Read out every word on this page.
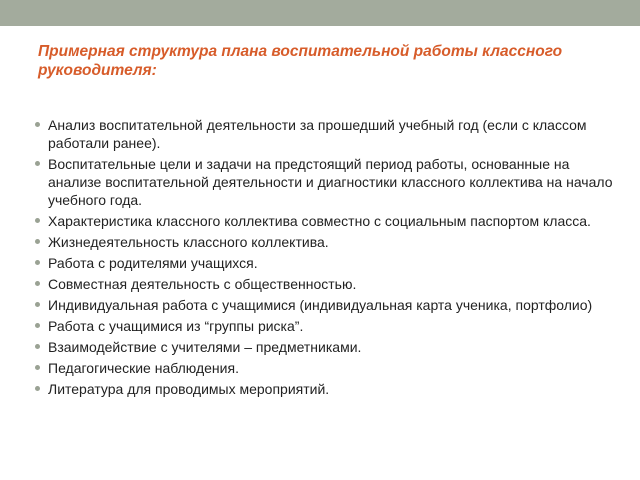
Примерная структура плана воспитательной работы классного руководителя:
Анализ воспитательной деятельности за прошедший учебный год (если с классом работали ранее).
Воспитательные цели и задачи на предстоящий период работы, основанные на анализе воспитательной деятельности и диагностики классного коллектива на начало учебного года.
Характеристика классного коллектива совместно с социальным паспортом класса.
Жизнедеятельность классного коллектива.
Работа с родителями учащихся.
Совместная деятельность с общественностью.
Индивидуальная работа с учащимися (индивидуальная карта ученика, портфолио)
Работа с учащимися из “группы риска”.
Взаимодействие с учителями – предметниками.
Педагогические наблюдения.
Литература для проводимых мероприятий.
